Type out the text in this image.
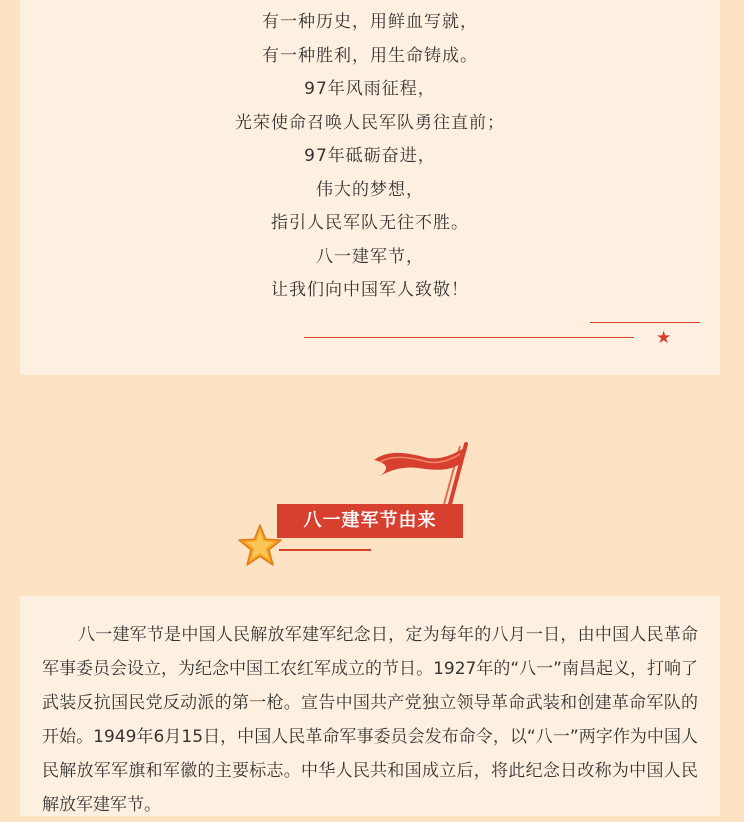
有一种历史，用鲜血写就，
有一种胜利，用生命铸成。
97年风雨征程，
光荣使命召唤人民军队勇往直前；
97年砥砺奋进，
伟大的梦想，
指引人民军队无往不胜。
八一建军节，
让我们向中国军人致敬！
★
八一建军节由来

八一建军节是中国人民解放军建军纪念日，定为每年的八月一日，由中国人民革命军事委员会设立，为纪念中国工农红军成立的节日。1927年的“八一”南昌起义，打响了武装反抗国民党反动派的第一枪。宣告中国共产党独立领导革命武装和创建革命军队的开始。1949年6月15日，中国人民革命军事委员会发布命令，以“八一”两字作为中国人民解放军军旗和军徽的主要标志。中华人民共和国成立后，将此纪念日改称为中国人民解放军建军节。
